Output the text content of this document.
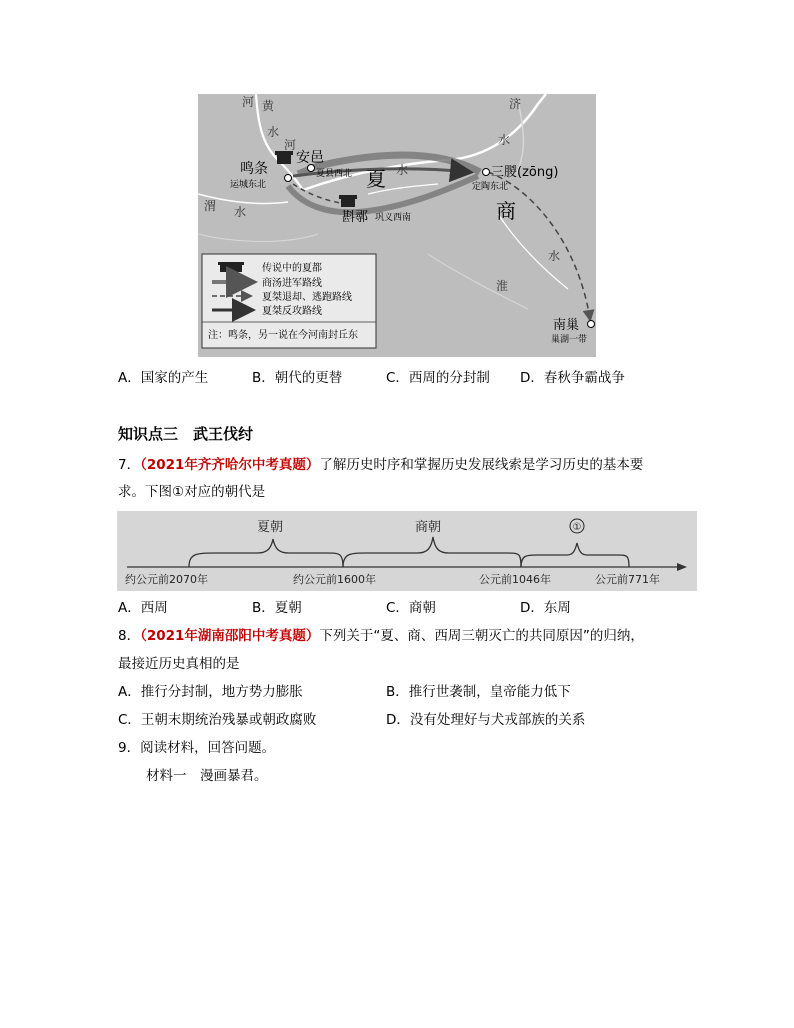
黄
河
河
水
济
水
水
渭 水
淮
水
鸣条
运城东北
安邑
夏县西北 夏	三朡(zōng)
定陶东北
商
斟鄩 巩义西南
南巢
巢湖一带
传说中的夏都
商汤进军路线
夏桀退却、逃跑路线
夏桀反攻路线
注：鸣条，另一说在今河南封丘东
A．国家的产生	B．朝代的更替	C．西周的分封制 D．春秋争霸战争
知识点三　武王伐纣
7．（2021年齐齐哈尔中考真题）了解历史时序和掌握历史发展线索是学习历史的基本要
求。下图①对应的朝代是
夏朝	商朝	①
约公元前2070年	约公元前1600年	公元前1046年	公元前771年
A．西周	B．夏朝	C．商朝	D．东周
8．（2021年湖南邵阳中考真题）下列关于“夏、商、西周三朝灭亡的共同原因”的归纳，
最接近历史真相的是
A．推行分封制，地方势力膨胀	B．推行世袭制，皇帝能力低下
C．王朝末期统治残暴或朝政腐败	D．没有处理好与犬戎部族的关系
9．阅读材料，回答问题。
材料一　漫画暴君。
